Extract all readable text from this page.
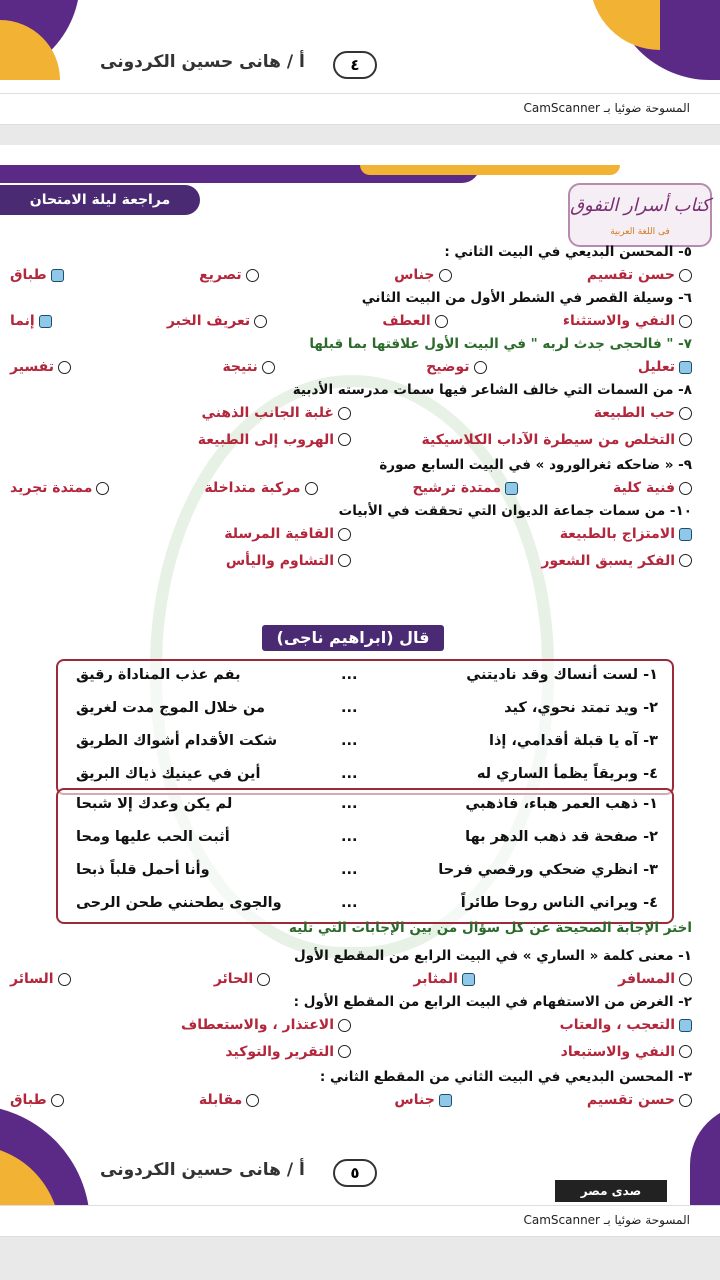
أ / هانى حسين الكردونى	٤
المسوحة ضوئيا بـ CamScanner
مراجعة ليلة الامتحان	كتاب أسرار التفوق
فى اللغة العربية

٥- المحسن البديعي في البيت الثاني :

حسن تقسيم
جناس
تصريع
طباق

٦- وسيلة القصر في الشطر الأول من البيت الثاني

النفي والاستثناء
العطف
تعريف الخبر
إنما

٧- " فالحجى جدث لربه " في البيت الأول علاقتها بما قبلها

تعليل
توضيح
نتيجة
تفسير

٨- من السمات التي خالف الشاعر فيها سمات مدرسته الأدبية

حب الطبيعة
غلبة الجانب الذهني
التخلص من سيطرة الآداب الكلاسيكية
الهروب إلى الطبيعة

٩- « ضاحكه ثغرالورود » في البيت السابع صورة

فنية كلية
ممتدة ترشيح
مركبة متداخلة
ممتدة تجريد

١٠- من سمات جماعة الديوان التي تحققت في الأبيات

الامتزاج بالطبيعة
القافية المرسلة
الفكر يسبق الشعور
التشاوم واليأس
قال (ابراهيم ناجى)
١- لست أنساك وقد ناديتني
...
بفم عذب المناداة رقيق
٢- ويد تمتد نحوي، كيد
...
من خلال الموج مدت لغريق
٣- آه يا قبلة أقدامي، إذا
...
شكت الأقدام أشواك الطريق
٤- وبريقاً يظمأ الساري له
...
أين في عينيك ذياك البريق
١- ذهب العمر هباء، فاذهبي
...
لم يكن وعدك إلا شبحا
٢- صفحة قد ذهب الدهر بها
...
أثبت الحب عليها ومحا
٣- انظري ضحكي ورقصي فرحا
...
وأنا أحمل قلباً ذبحا
٤- ويراني الناس روحا طائراً
...
والجوى يطحنني طحن الرحى

اختر الإجابة الصحيحة عن كل سؤال من بين الإجابات التي تليه

١- معنى كلمة « الساري » في البيت الرابع من المقطع الأول

المسافر
المثابر
الحائر
السائر

٢- الغرض من الاستفهام في البيت الرابع من المقطع الأول :

التعجب ، والعتاب
الاعتذار ، والاستعطاف
النفي والاستبعاد
التقرير والتوكيد

٣- المحسن البديعي في البيت الثاني من المقطع الثاني :

حسن تقسيم
جناس
مقابلة
طباق
أ / هانى حسين الكردونى	٥
صدى مصر
المسوحة ضوئيا بـ CamScanner
